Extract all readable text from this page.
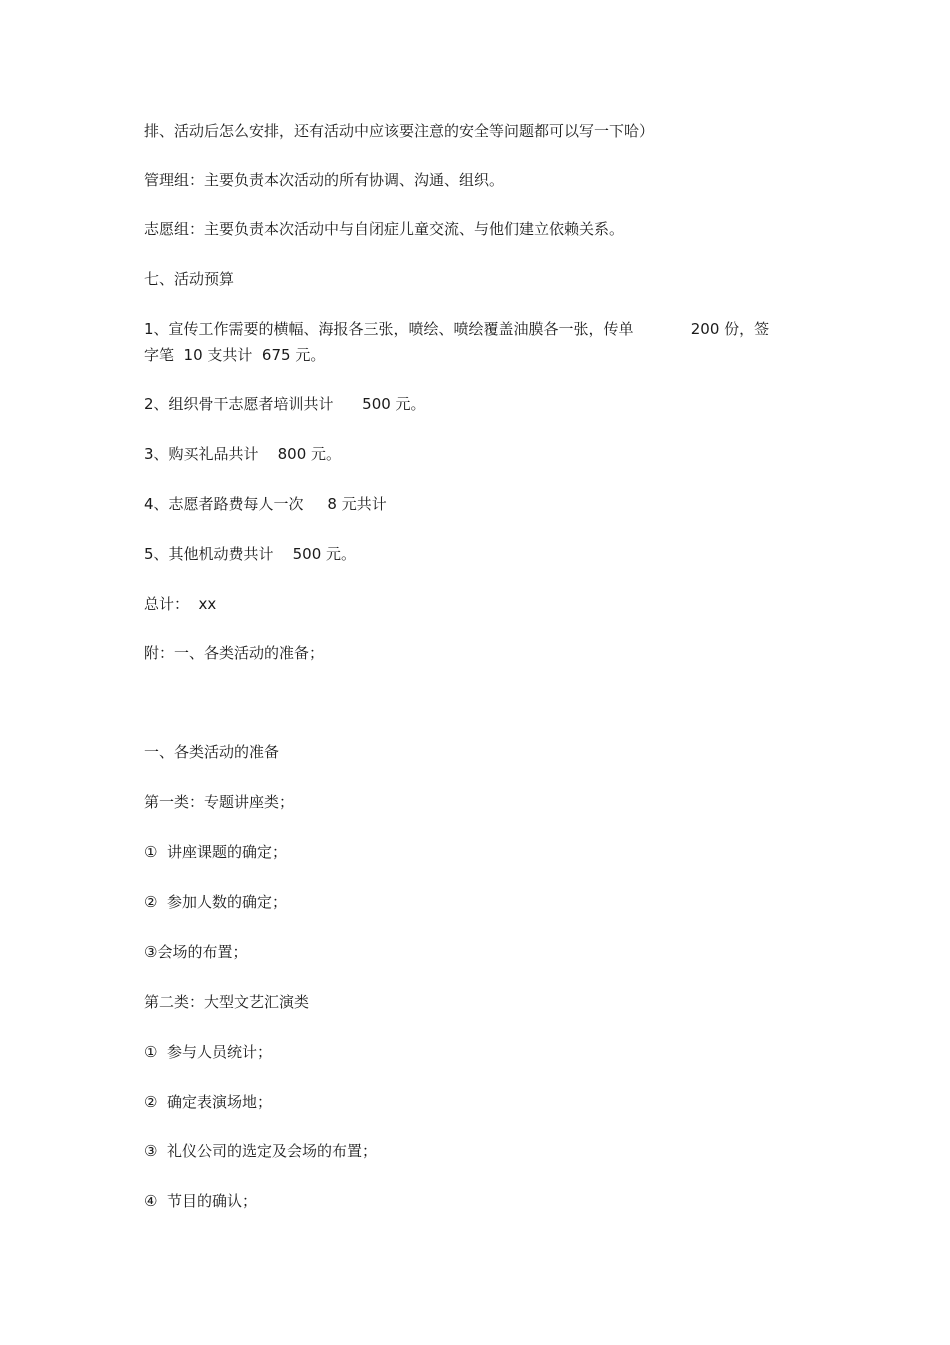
排、活动后怎么安排，还有活动中应该要注意的安全等问题都可以写一下哈）
管理组：主要负责本次活动的所有协调、沟通、组织。
志愿组：主要负责本次活动中与自闭症儿童交流、与他们建立依赖关系。
七、活动预算
1、宣传工作需要的横幅、海报各三张，喷绘、喷绘覆盖油膜各一张，传单            200 份，签
字笔  10 支共计  675 元。
2、组织骨干志愿者培训共计      500 元。
3、购买礼品共计    800 元。
4、志愿者路费每人一次     8 元共计
5、其他机动费共计    500 元。
总计：  xx
附：一、各类活动的准备；
一、各类活动的准备
第一类：专题讲座类；
①  讲座课题的确定；
②  参加人数的确定；
③会场的布置；
第二类：大型文艺汇演类
①  参与人员统计；
②  确定表演场地；
③  礼仪公司的选定及会场的布置；
④  节目的确认；
